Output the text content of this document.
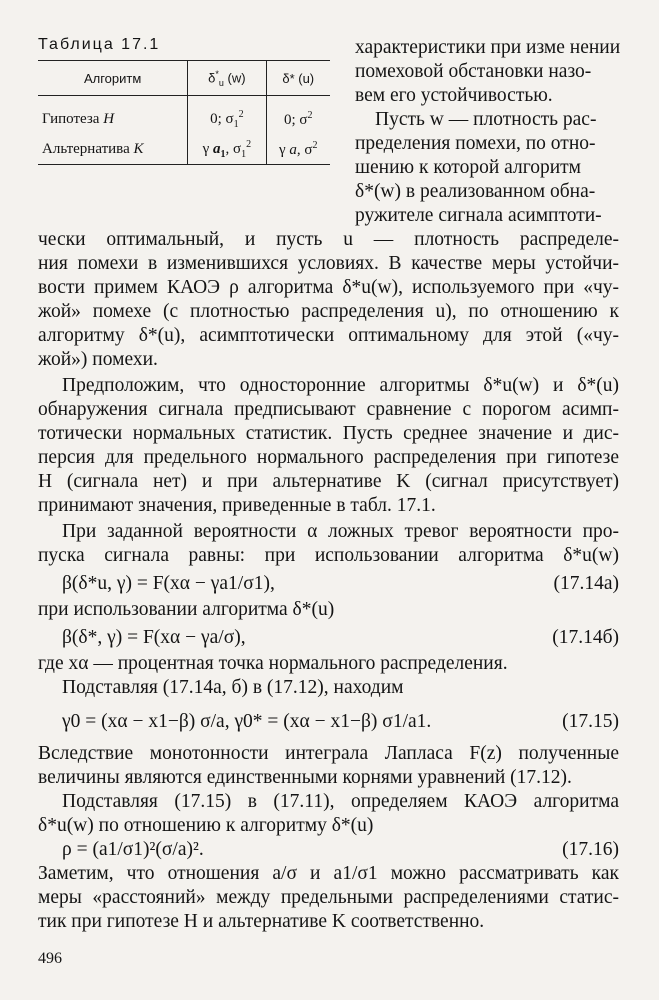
Таблица 17.1
Алгоритм	$\delta^*_u$ (w)	δ* (u)

Гипотеза H	0; $\sigma_1^2$	0; $\sigma^2$
Альтернатива K	γ $a_1$, $\sigma_1^2$	γ a, $\sigma^2$
характеристики при изме нении
помеховой обстановки назо-
вем его устойчивостью.
Пусть w — плотность рас-
пределения помехи, по отно-
шению к которой алгоритм
δ*(w) в реализованном обна-
ружителе сигнала асимптоти-
чески оптимальный, и пусть u — плотность распределе-
ния помехи в изменившихся условиях. В качестве меры устойчи-
вости примем КАОЭ ρ алгоритма δ*u(w), используемого при «чу-
жой» помехе (с плотностью распределения u), по отношению к
алгоритму δ*(u), асимптотически оптимальному для этой («чу-
жой») помехи.
Предположим, что односторонние алгоритмы δ*u(w) и δ*(u)
обнаружения сигнала предписывают сравнение с порогом асимп-
тотически нормальных статистик. Пусть среднее значение и дис-
персия для предельного нормального распределения при гипотезе
H (сигнала нет) и при альтернативе K (сигнал присутствует)
принимают значения, приведенные в табл. 17.1.
При заданной вероятности α ложных тревог вероятности про-
пуска сигнала равны: при использовании алгоритма δ*u(w)
β(δ*u, γ) = F(xα − γa1/σ1),	(17.14a)
при использовании алгоритма δ*(u)
β(δ*, γ) = F(xα − γa/σ),	(17.14б)
где xα — процентная точка нормального распределения.
Подставляя (17.14а, б) в (17.12), находим
γ0 = (xα − x1−β) σ/a, γ0* = (xα − x1−β) σ1/a1.	(17.15)
Вследствие монотонности интеграла Лапласа F(z) полученные
величины являются единственными корнями уравнений (17.12).
Подставляя (17.15) в (17.11), определяем КАОЭ алгоритма
δ*u(w) по отношению к алгоритму δ*(u)
ρ = (a1/σ1)²(σ/a)².	(17.16)
Заметим, что отношения a/σ и a1/σ1 можно рассматривать как
меры «расстояний» между предельными распределениями статис-
тик при гипотезе H и альтернативе K соответственно.
496
